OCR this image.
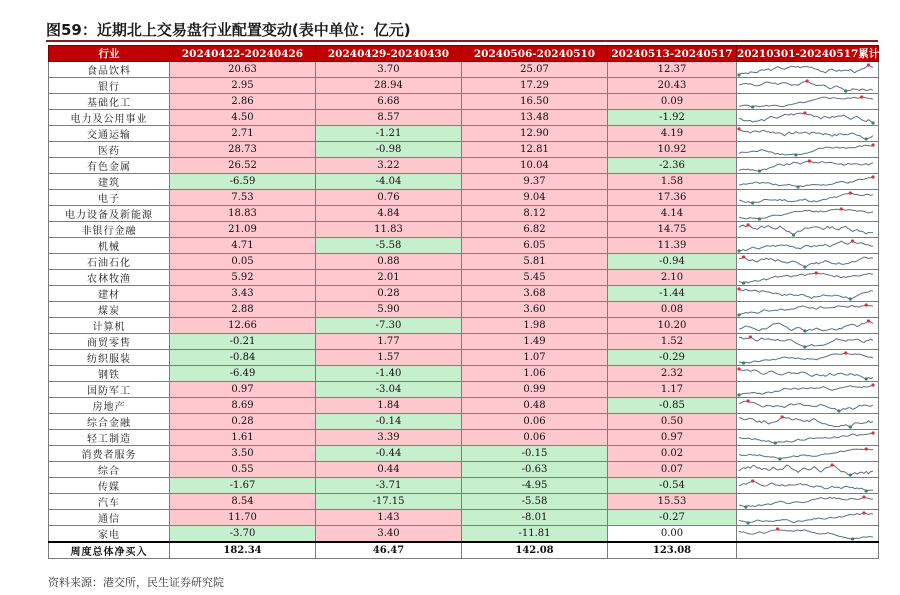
图59：近期北上交易盘行业配置变动(表中单位：亿元)
行业	20240422-20240426	20240429-20240430	20240506-20240510	20240513-20240517	20210301-20240517累计变化
食品饮料	20.63	3.70	25.07	12.37	

银行	2.95	28.94	17.29	20.43	

基础化工	2.86	6.68	16.50	0.09	

电力及公用事业	4.50	8.57	13.48	-1.92	

交通运输	2.71	-1.21	12.90	4.19	

医药	28.73	-0.98	12.81	10.92	

有色金属	26.52	3.22	10.04	-2.36	

建筑	-6.59	-4.04	9.37	1.58	

电子	7.53	0.76	9.04	17.36	

电力设备及新能源	18.83	4.84	8.12	4.14	

非银行金融	21.09	11.83	6.82	14.75	

机械	4.71	-5.58	6.05	11.39	

石油石化	0.05	0.88	5.81	-0.94	

农林牧渔	5.92	2.01	5.45	2.10	

建材	3.43	0.28	3.68	-1.44	

煤炭	2.88	5.90	3.60	0.08	

计算机	12.66	-7.30	1.98	10.20	

商贸零售	-0.21	1.77	1.49	1.52	

纺织服装	-0.84	1.57	1.07	-0.29	

钢铁	-6.49	-1.40	1.06	2.32	

国防军工	0.97	-3.04	0.99	1.17	

房地产	8.69	1.84	0.48	-0.85	

综合金融	0.28	-0.14	0.06	0.50	

轻工制造	1.61	3.39	0.06	0.97	

消费者服务	3.50	-0.44	-0.15	0.02	

综合	0.55	0.44	-0.63	0.07	

传媒	-1.67	-3.71	-4.95	-0.54	

汽车	8.54	-17.15	-5.58	15.53	

通信	11.70	1.43	-8.01	-0.27	

家电	-3.70	3.40	-11.81	0.00	

周度总体净买入	182.34	46.47	142.08	123.08	
资料来源：港交所，民生证券研究院
